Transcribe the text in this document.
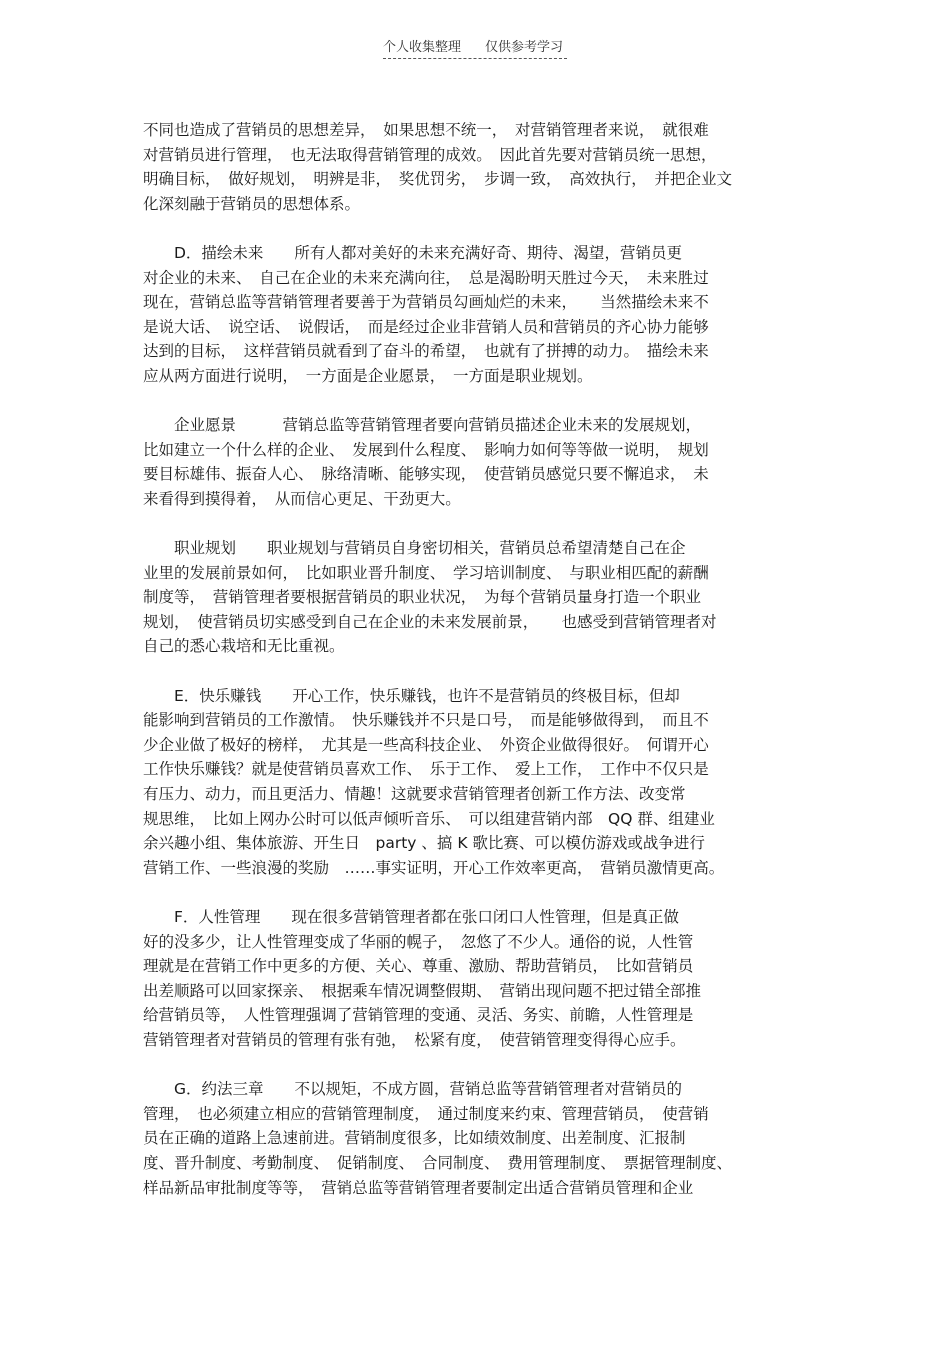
个人收集整理 仅供参考学习
不同也造成了营销员的思想差异，　如果思想不统一，　对营销管理者来说，　就很难
对营销员进行管理，　也无法取得营销管理的成效。　因此首先要对营销员统一思想，
明确目标，　做好规划，　明辨是非，　奖优罚劣，　步调一致，　高效执行，　并把企业文
化深刻融于营销员的思想体系。
　　D．描绘未来　　所有人都对美好的未来充满好奇、期待、渴望，营销员更
对企业的未来、　自己在企业的未来充满向往，　总是渴盼明天胜过今天，　未来胜过
现在，营销总监等营销管理者要善于为营销员勾画灿烂的未来，　　当然描绘未来不
是说大话、　说空话、　说假话，　而是经过企业非营销人员和营销员的齐心协力能够
达到的目标，　这样营销员就看到了奋斗的希望，　也就有了拼搏的动力。　描绘未来
应从两方面进行说明，　一方面是企业愿景，　一方面是职业规划。
　　企业愿景　　　营销总监等营销管理者要向营销员描述企业未来的发展规划，
比如建立一个什么样的企业、　发展到什么程度、　影响力如何等等做一说明，　规划
要目标雄伟、振奋人心、　脉络清晰、能够实现，　使营销员感觉只要不懈追求，　未
来看得到摸得着，　从而信心更足、干劲更大。
　　职业规划　　职业规划与营销员自身密切相关，营销员总希望清楚自己在企
业里的发展前景如何，　比如职业晋升制度、　学习培训制度、　与职业相匹配的薪酬
制度等，　营销管理者要根据营销员的职业状况，　为每个营销员量身打造一个职业
规划，　使营销员切实感受到自己在企业的未来发展前景，　　也感受到营销管理者对
自己的悉心栽培和无比重视。
　　E．快乐赚钱　　开心工作，快乐赚钱，也许不是营销员的终极目标，但却
能影响到营销员的工作激情。　快乐赚钱并不只是口号，　而是能够做得到，　而且不
少企业做了极好的榜样，　尤其是一些高科技企业、　外资企业做得很好。　何谓开心
工作快乐赚钱？就是使营销员喜欢工作、　乐于工作、　爱上工作，　工作中不仅只是
有压力、动力，而且更活力、情趣！这就要求营销管理者创新工作方法、改变常
规思维，　比如上网办公时可以低声倾听音乐、　可以组建营销内部　QQ 群、组建业
余兴趣小组、集体旅游、开生日　party 、搞 K 歌比赛、可以模仿游戏或战争进行
营销工作、一些浪漫的奖励　……事实证明，开心工作效率更高，　营销员激情更高。
　　F．人性管理　　现在很多营销管理者都在张口闭口人性管理，但是真正做
好的没多少，让人性管理变成了华丽的幌子，　忽悠了不少人。通俗的说，人性管
理就是在营销工作中更多的方便、关心、尊重、激励、帮助营销员，　比如营销员
出差顺路可以回家探亲、　根据乘车情况调整假期、　营销出现问题不把过错全部推
给营销员等，　人性管理强调了营销管理的变通、灵活、务实、前瞻，人性管理是
营销管理者对营销员的管理有张有弛，　松紧有度，　使营销管理变得得心应手。
　　G．约法三章　　不以规矩，不成方圆，营销总监等营销管理者对营销员的
管理，　也必须建立相应的营销管理制度，　通过制度来约束、管理营销员，　使营销
员在正确的道路上急速前进。营销制度很多，比如绩效制度、出差制度、汇报制
度、晋升制度、考勤制度、　促销制度、　合同制度、　费用管理制度、　票据管理制度、
样品新品审批制度等等，　营销总监等营销管理者要制定出适合营销员管理和企业
